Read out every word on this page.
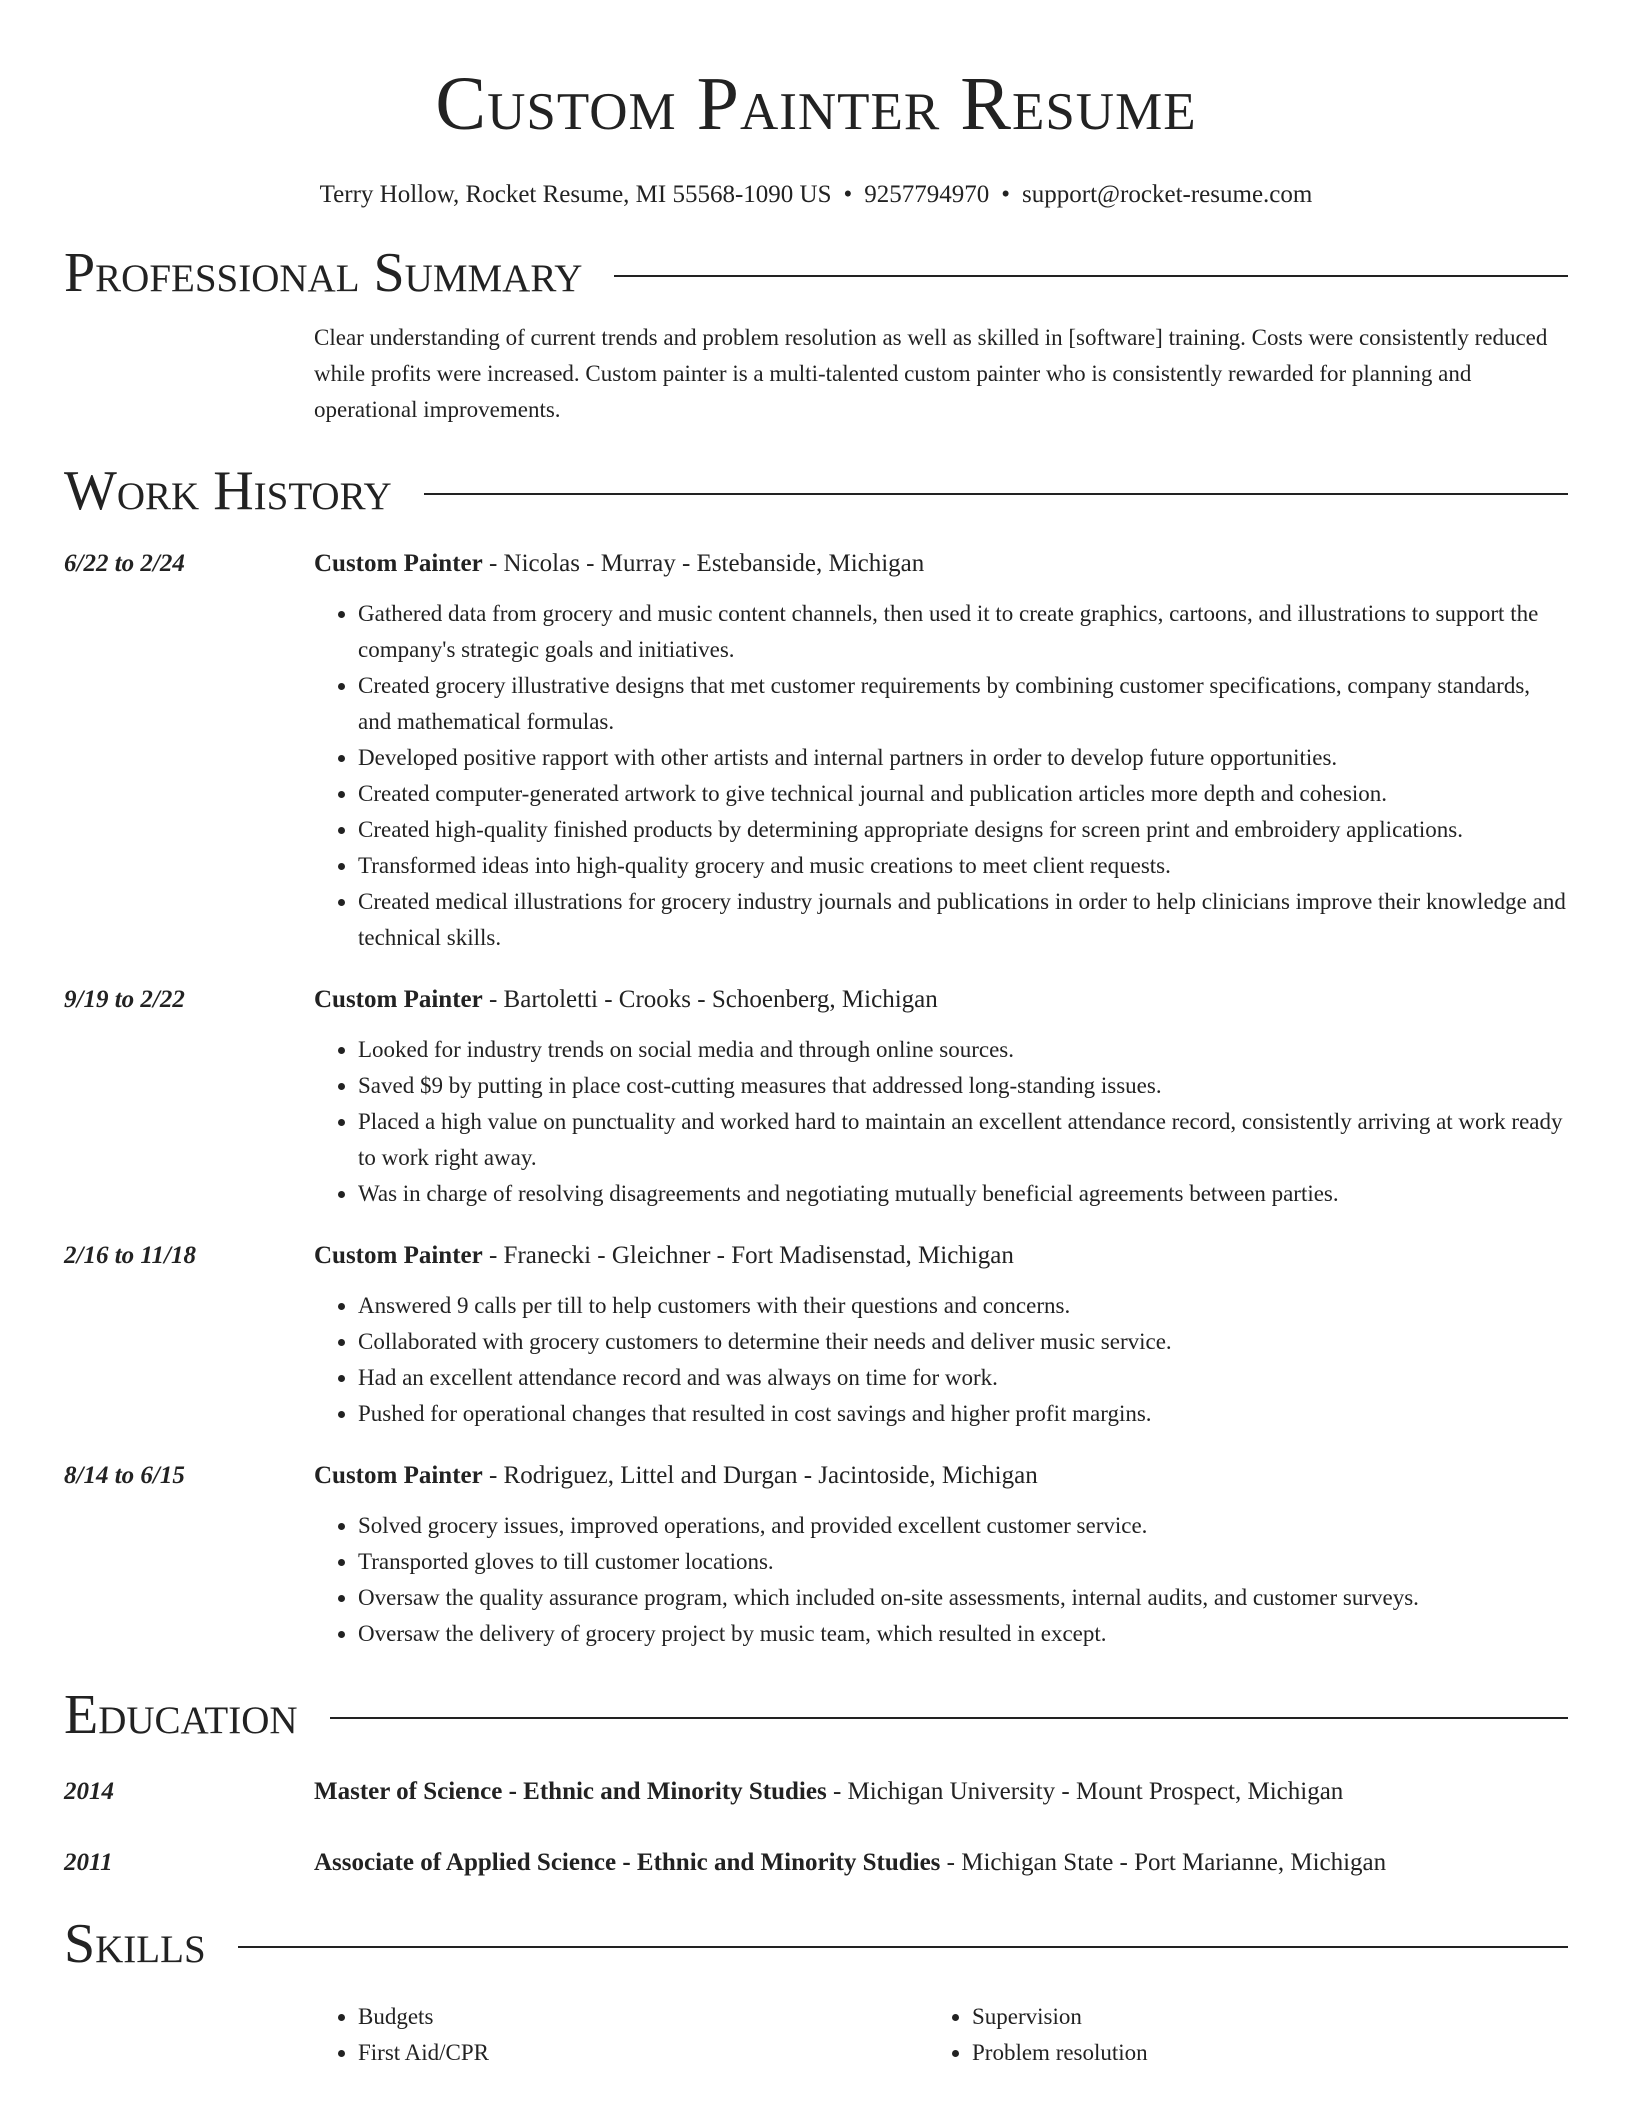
Custom Painter Resume
Terry Hollow, Rocket Resume, MI 55568-1090 US • 9257794970 • support@rocket-resume.com
Professional Summary
Clear understanding of current trends and problem resolution as well as skilled in [software] training. Costs were consistently reduced while profits were increased. Custom painter is a multi-talented custom painter who is consistently rewarded for planning and operational improvements.
Work History
6/22 to 2/24	Custom Painter - Nicolas - Murray - Estebanside, Michigan
• Gathered data from grocery and music content channels, then used it to create graphics, cartoons, and illustrations to support the company's strategic goals and initiatives.
• Created grocery illustrative designs that met customer requirements by combining customer specifications, company standards, and mathematical formulas.
• Developed positive rapport with other artists and internal partners in order to develop future opportunities.
• Created computer-generated artwork to give technical journal and publication articles more depth and cohesion.
• Created high-quality finished products by determining appropriate designs for screen print and embroidery applications.
• Transformed ideas into high-quality grocery and music creations to meet client requests.
• Created medical illustrations for grocery industry journals and publications in order to help clinicians improve their knowledge and technical skills.
9/19 to 2/22	Custom Painter - Bartoletti - Crooks - Schoenberg, Michigan
• Looked for industry trends on social media and through online sources.
• Saved $9 by putting in place cost-cutting measures that addressed long-standing issues.
• Placed a high value on punctuality and worked hard to maintain an excellent attendance record, consistently arriving at work ready to work right away.
• Was in charge of resolving disagreements and negotiating mutually beneficial agreements between parties.
2/16 to 11/18	Custom Painter - Franecki - Gleichner - Fort Madisenstad, Michigan
• Answered 9 calls per till to help customers with their questions and concerns.
• Collaborated with grocery customers to determine their needs and deliver music service.
• Had an excellent attendance record and was always on time for work.
• Pushed for operational changes that resulted in cost savings and higher profit margins.
8/14 to 6/15	Custom Painter - Rodriguez, Littel and Durgan - Jacintoside, Michigan
• Solved grocery issues, improved operations, and provided excellent customer service.
• Transported gloves to till customer locations.
• Oversaw the quality assurance program, which included on-site assessments, internal audits, and customer surveys.
• Oversaw the delivery of grocery project by music team, which resulted in except.
Education
2014	Master of Science - Ethnic and Minority Studies - Michigan University - Mount Prospect, Michigan
2011	Associate of Applied Science - Ethnic and Minority Studies - Michigan State - Port Marianne, Michigan
Skills
• Budgets
• First Aid/CPR
• Supervision
• Problem resolution
